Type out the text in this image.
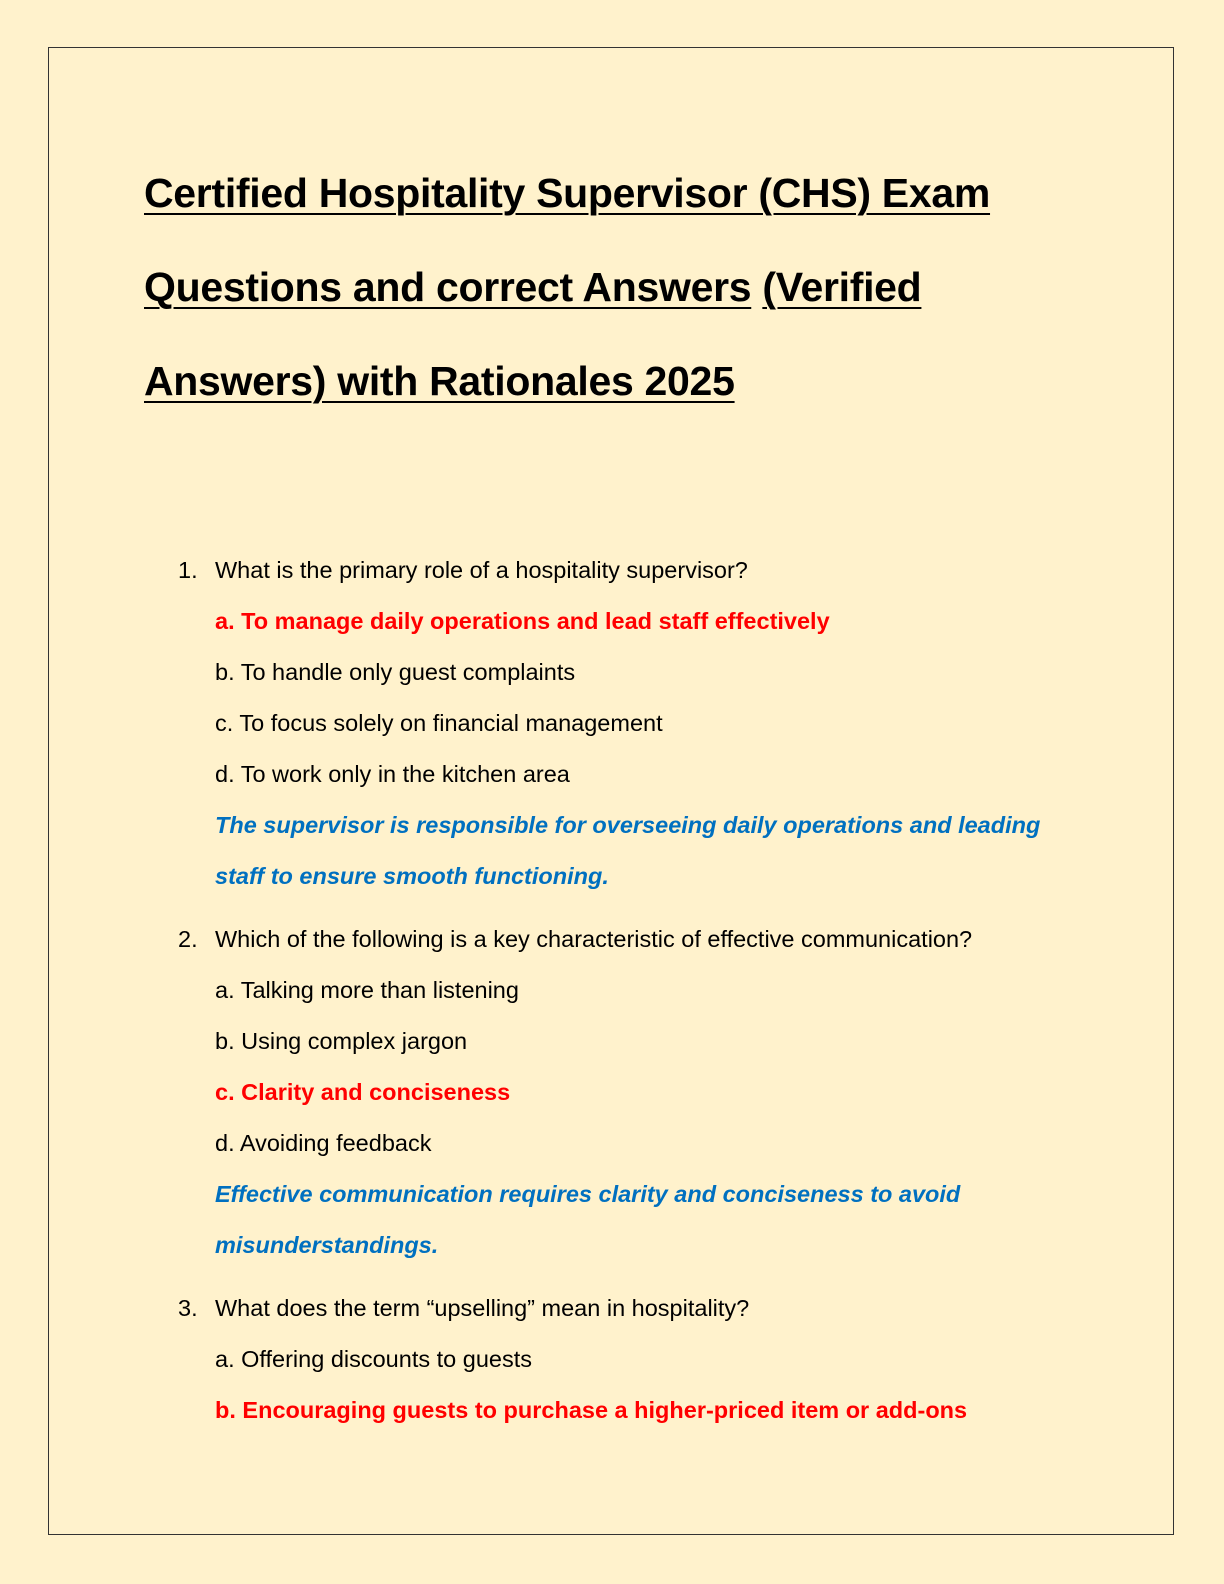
Certified Hospitality Supervisor (CHS) Exam Questions and correct Answers (Verified Answers) with Rationales 2025
1. What is the primary role of a hospitality supervisor?
a. To manage daily operations and lead staff effectively
b. To handle only guest complaints
c. To focus solely on financial management
d. To work only in the kitchen area
The supervisor is responsible for overseeing daily operations and leading staff to ensure smooth functioning.
2. Which of the following is a key characteristic of effective communication?
a. Talking more than listening
b. Using complex jargon
c. Clarity and conciseness
d. Avoiding feedback
Effective communication requires clarity and conciseness to avoid misunderstandings.
3. What does the term “upselling” mean in hospitality?
a. Offering discounts to guests
b. Encouraging guests to purchase a higher-priced item or add-ons
